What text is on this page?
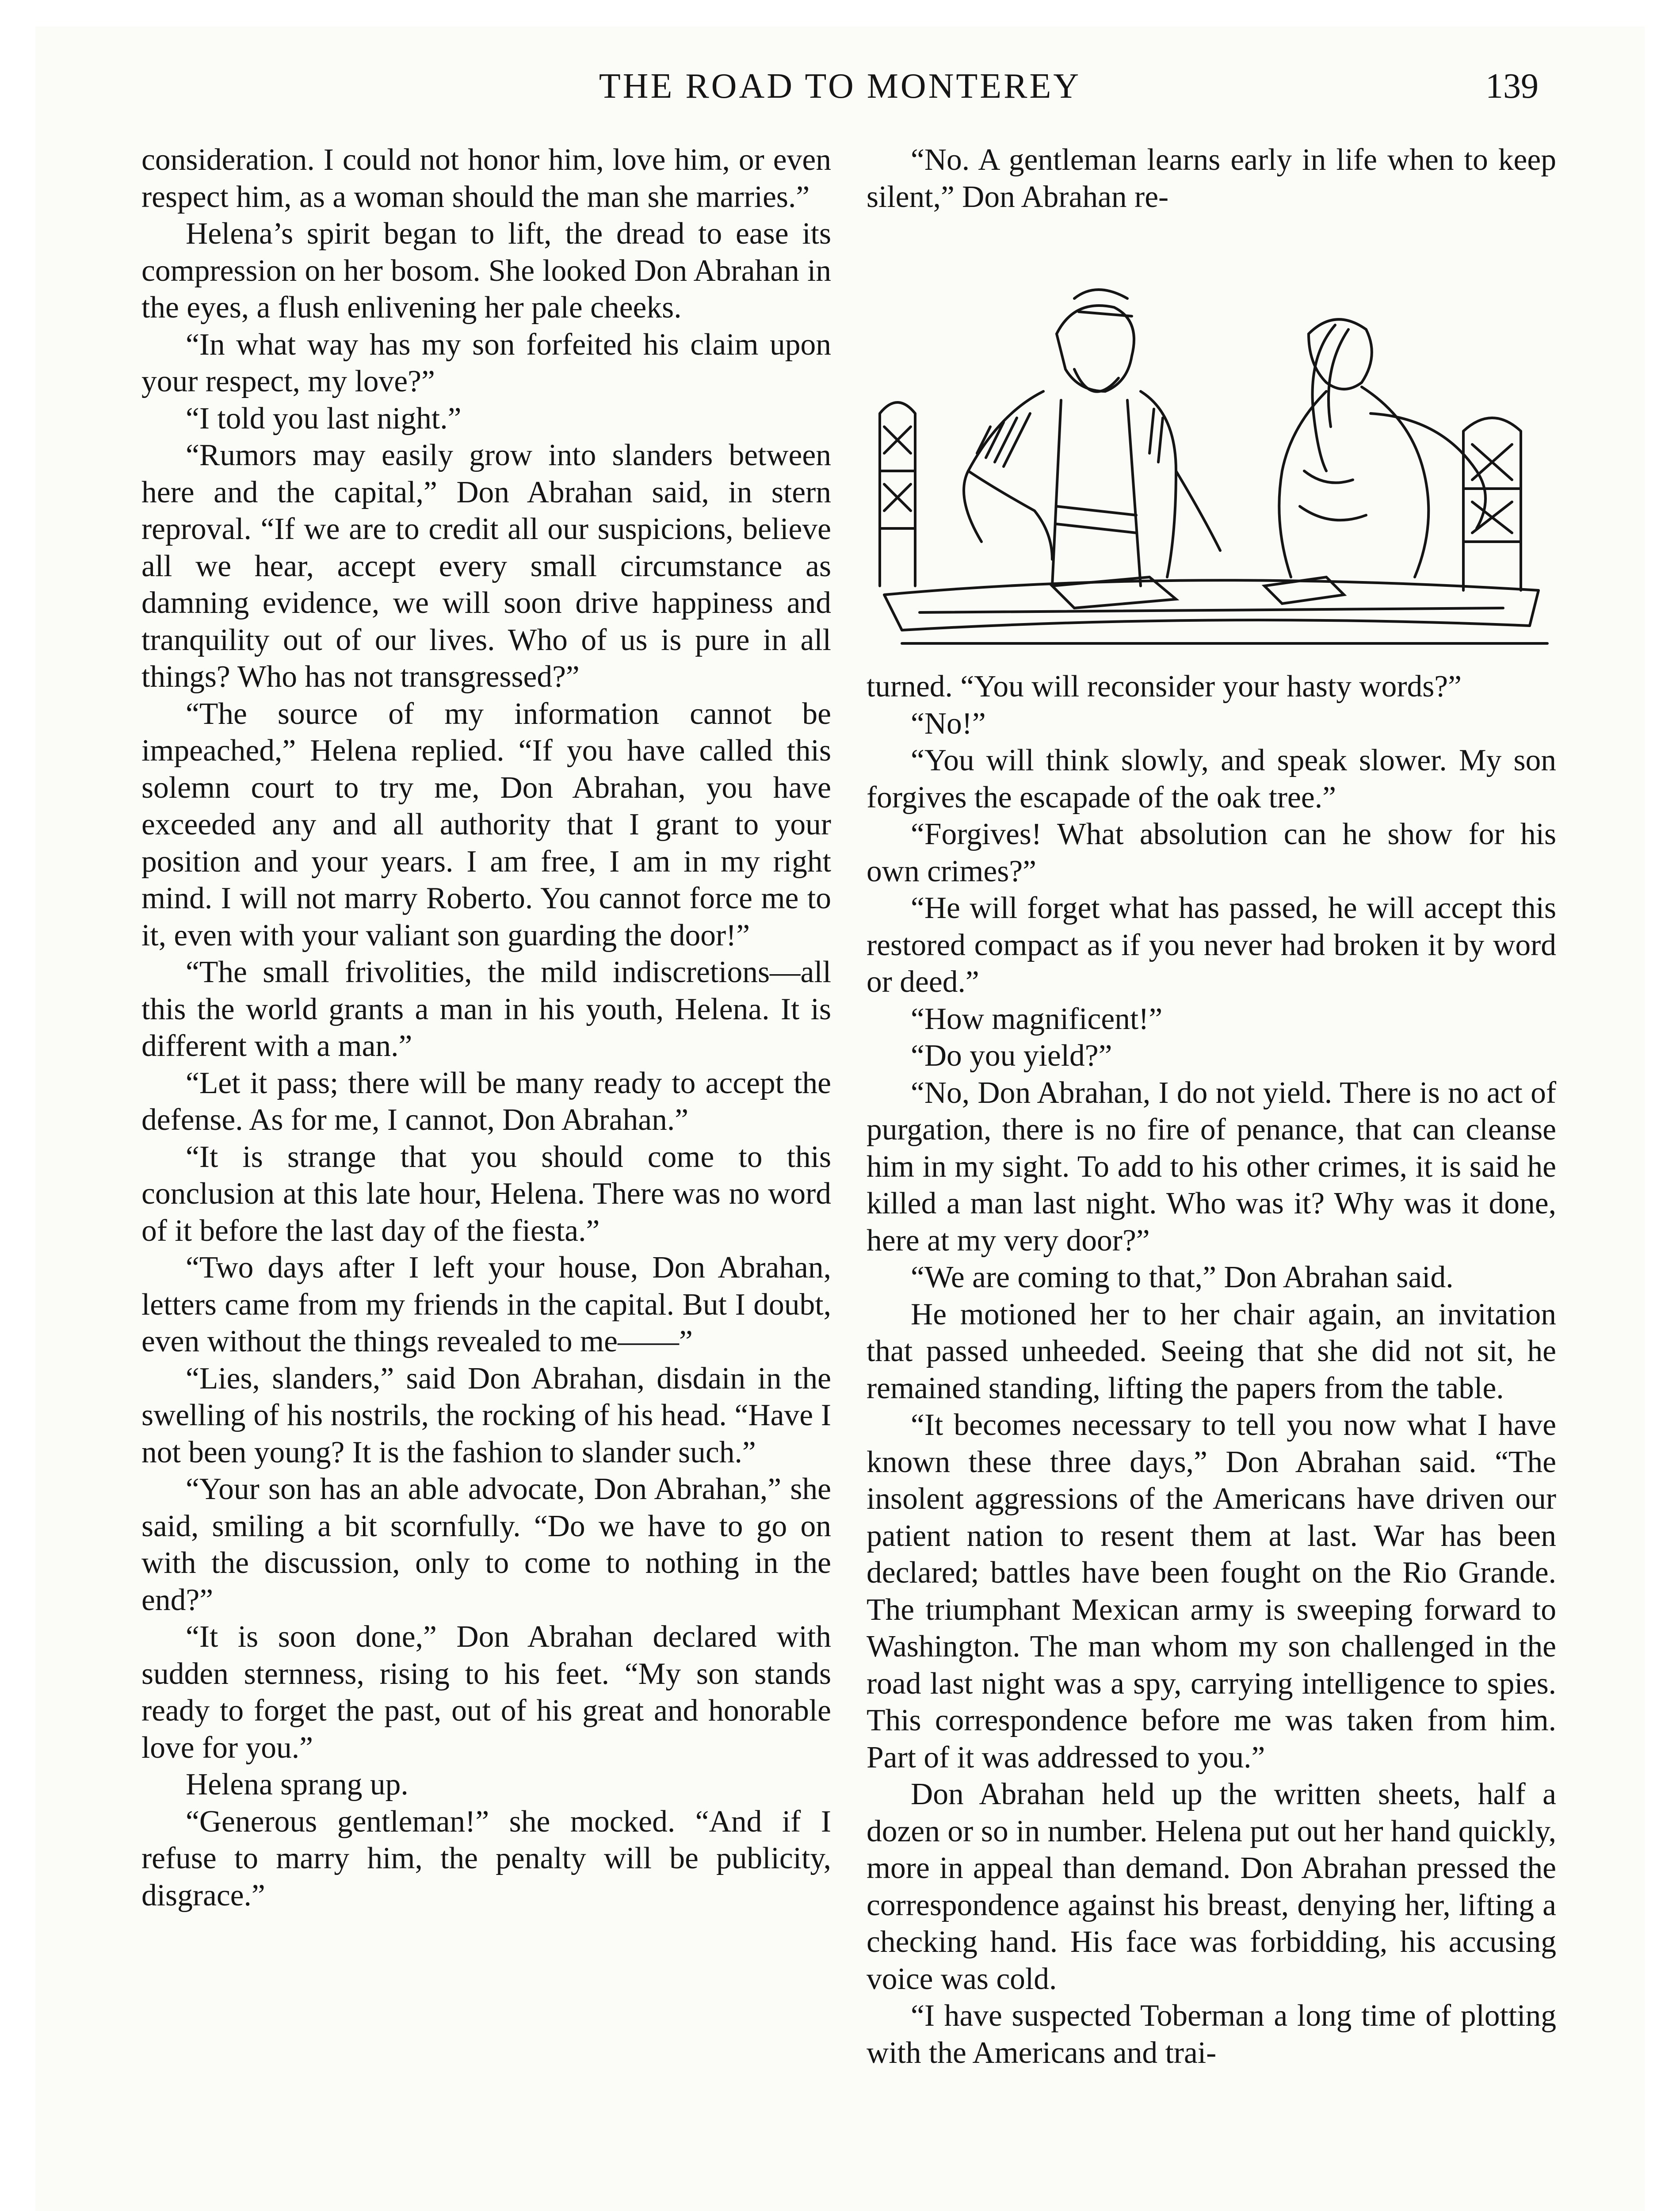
THE ROAD TO MONTEREY	139

consideration. I could not honor him, love him, or even respect him, as a woman should the man she marries.”

Helena’s spirit began to lift, the dread to ease its compression on her bosom. She looked Don Abrahan in the eyes, a flush enlivening her pale cheeks.

“In what way has my son forfeited his claim upon your respect, my love?”

“I told you last night.”

“Rumors may easily grow into slanders between here and the capital,” Don Abrahan said, in stern reproval. “If we are to credit all our suspicions, believe all we hear, accept every small circumstance as damning evidence, we will soon drive happiness and tranquility out of our lives. Who of us is pure in all things? Who has not transgressed?”

“The source of my information cannot be impeached,” Helena replied. “If you have called this solemn court to try me, Don Abrahan, you have exceeded any and all authority that I grant to your position and your years. I am free, I am in my right mind. I will not marry Roberto. You cannot force me to it, even with your valiant son guarding the door!”

“The small frivolities, the mild indiscretions—all this the world grants a man in his youth, Helena. It is different with a man.”

“Let it pass; there will be many ready to accept the defense. As for me, I cannot, Don Abrahan.”

“It is strange that you should come to this conclusion at this late hour, Helena. There was no word of it before the last day of the fiesta.”

“Two days after I left your house, Don Abrahan, letters came from my friends in the capital. But I doubt, even without the things revealed to me——”

“Lies, slanders,” said Don Abrahan, disdain in the swelling of his nostrils, the rocking of his head. “Have I not been young? It is the fashion to slander such.”

“Your son has an able advocate, Don Abrahan,” she said, smiling a bit scornfully. “Do we have to go on with the discussion, only to come to nothing in the end?”

“It is soon done,” Don Abrahan declared with sudden sternness, rising to his feet. “My son stands ready to forget the past, out of his great and honorable love for you.”

Helena sprang up.

“Generous gentleman!” she mocked. “And if I refuse to marry him, the penalty will be publicity, disgrace.”

“No. A gentleman learns early in life when to keep silent,” Don Abrahan re-

turned. “You will reconsider your hasty words?”

“No!”

“You will think slowly, and speak slower. My son forgives the escapade of the oak tree.”

“Forgives! What absolution can he show for his own crimes?”

“He will forget what has passed, he will accept this restored compact as if you never had broken it by word or deed.”

“How magnificent!”

“Do you yield?”

“No, Don Abrahan, I do not yield. There is no act of purgation, there is no fire of penance, that can cleanse him in my sight. To add to his other crimes, it is said he killed a man last night. Who was it? Why was it done, here at my very door?”

“We are coming to that,” Don Abrahan said.

He motioned her to her chair again, an invitation that passed unheeded. Seeing that she did not sit, he remained standing, lifting the papers from the table.

“It becomes necessary to tell you now what I have known these three days,” Don Abrahan said. “The insolent aggressions of the Americans have driven our patient nation to resent them at last. War has been declared; battles have been fought on the Rio Grande. The triumphant Mexican army is sweeping forward to Washington. The man whom my son challenged in the road last night was a spy, carrying intelligence to spies. This correspondence before me was taken from him. Part of it was addressed to you.”

Don Abrahan held up the written sheets, half a dozen or so in number. Helena put out her hand quickly, more in appeal than demand. Don Abrahan pressed the correspondence against his breast, denying her, lifting a checking hand. His face was forbidding, his accusing voice was cold.

“I have suspected Toberman a long time of plotting with the Americans and trai-
